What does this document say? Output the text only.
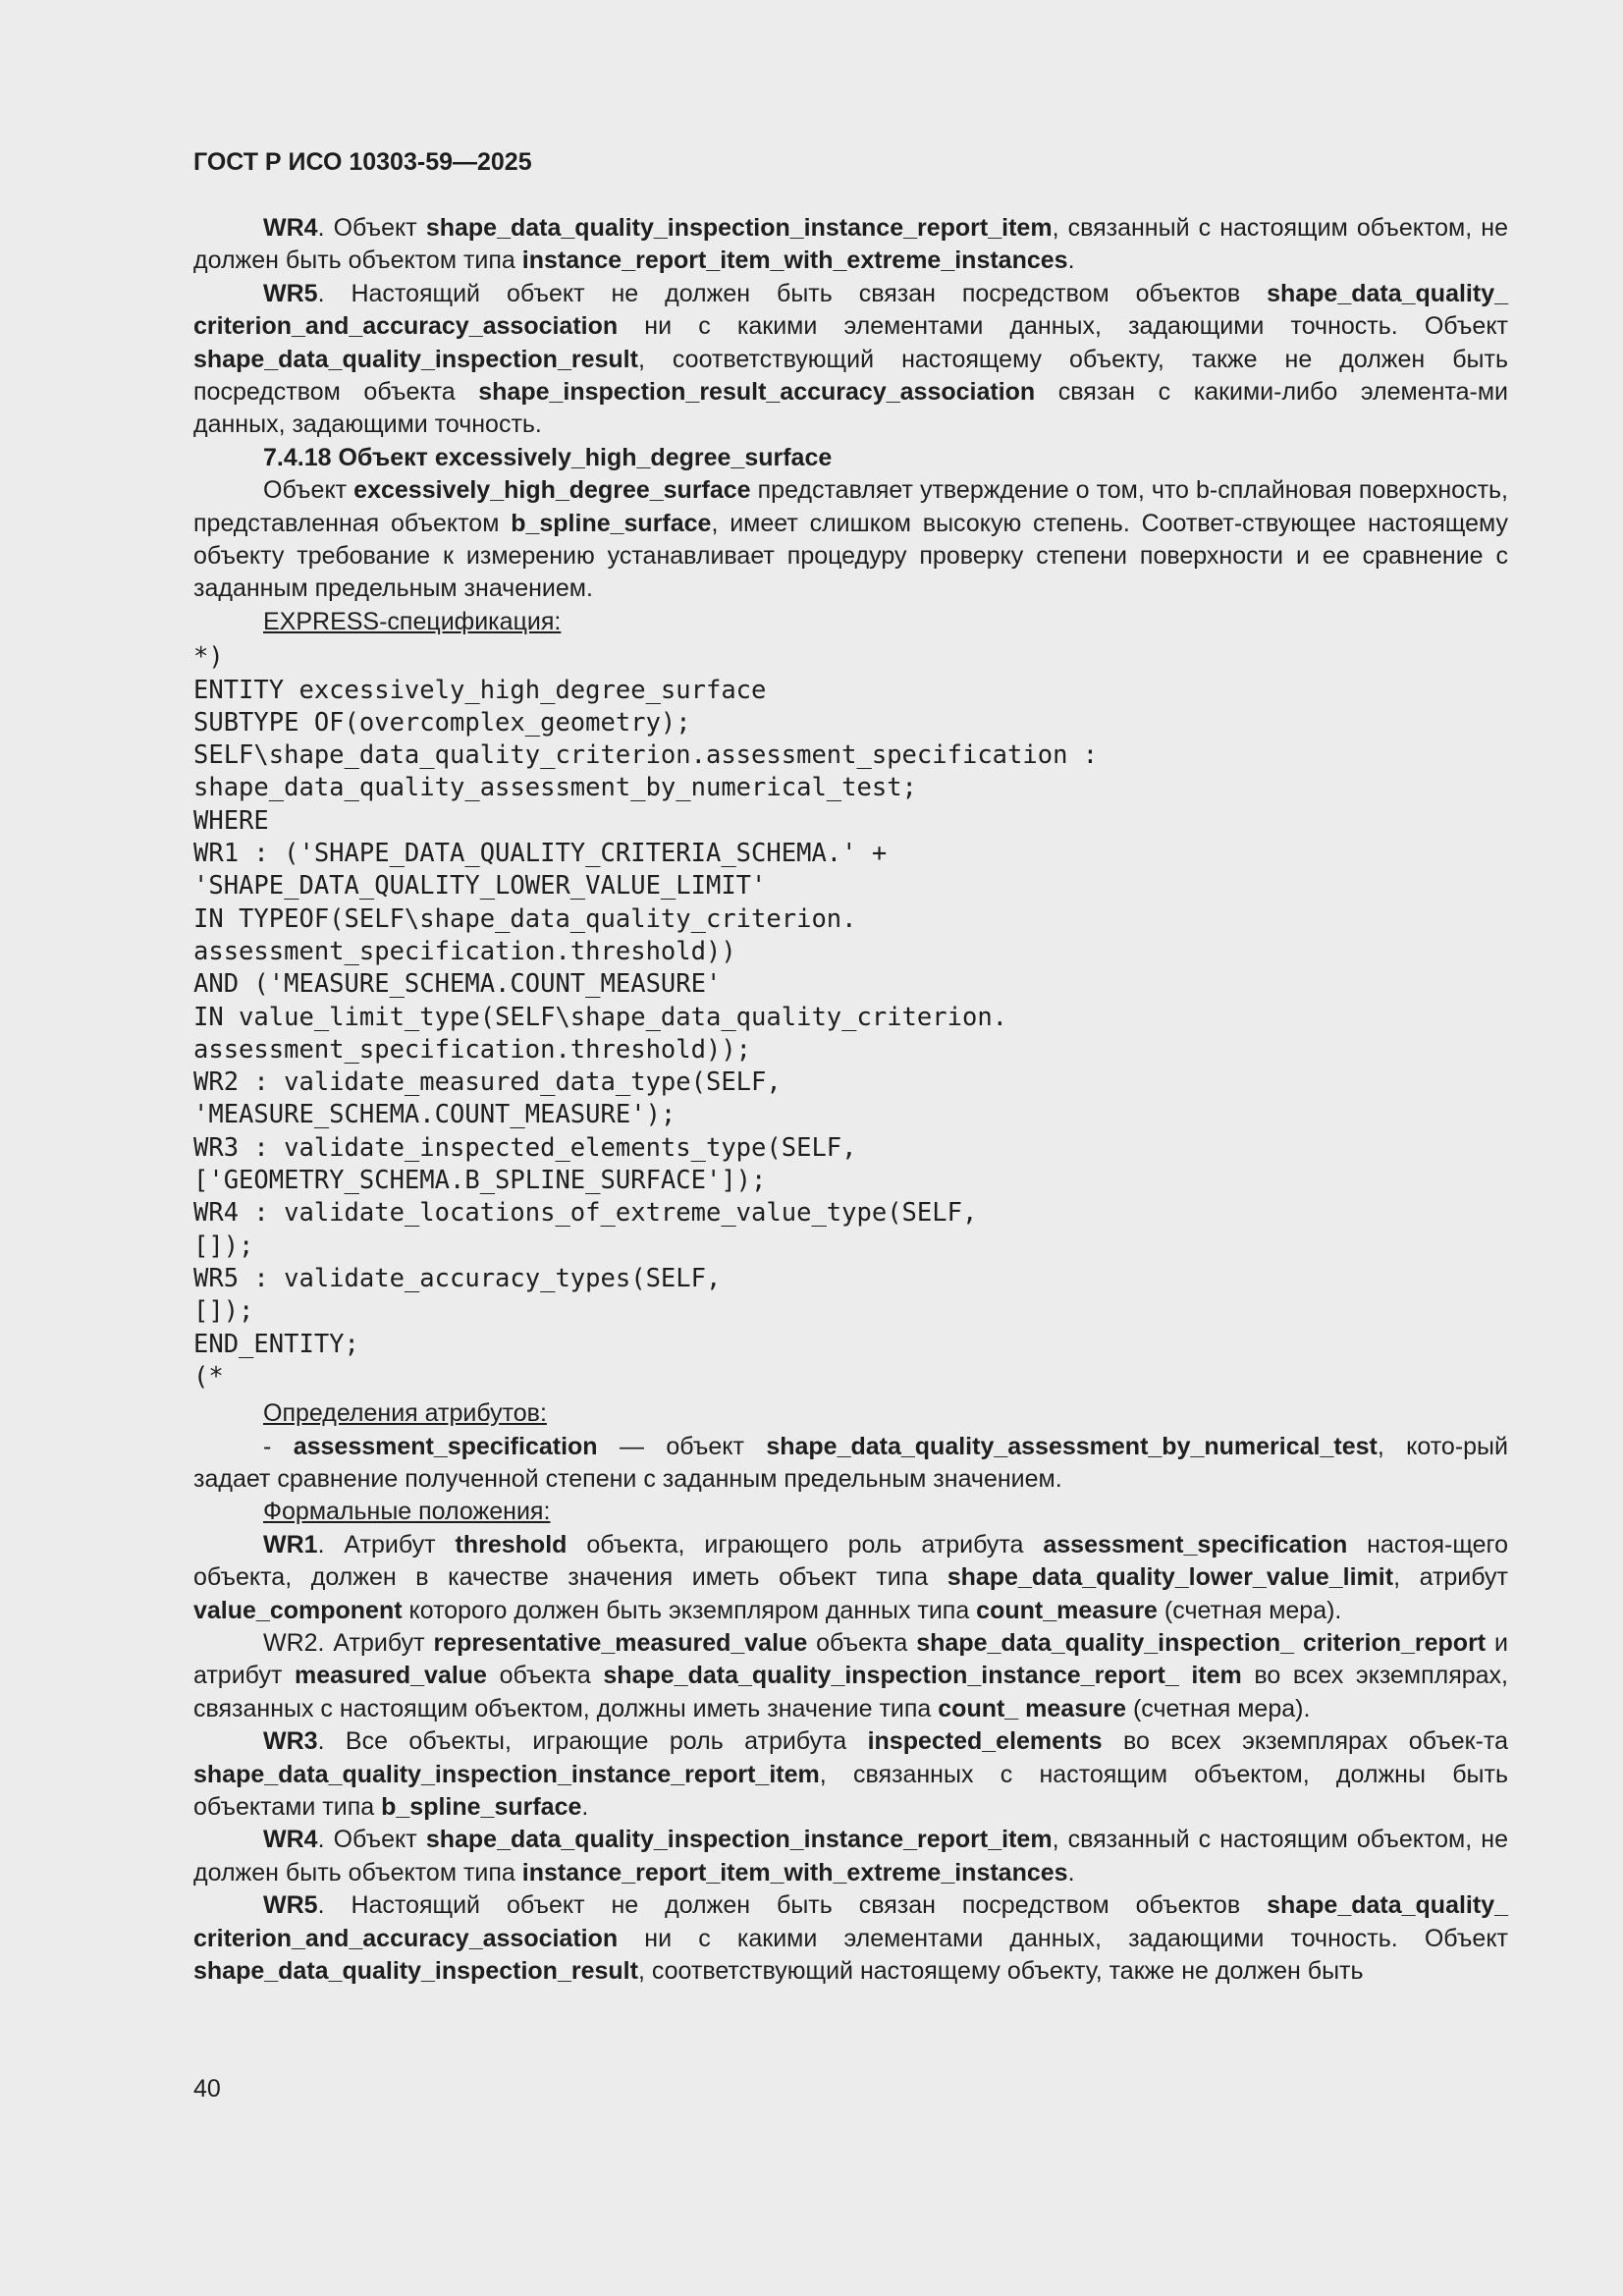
ГОСТ Р ИСО 10303-59—2025

WR4. Объект shape_data_quality_inspection_instance_report_item, связанный с настоящим объектом, не должен быть объектом типа instance_report_item_with_extreme_instances.

WR5. Настоящий объект не должен быть связан посредством объектов shape_data_quality_ criterion_and_accuracy_association ни с какими элементами данных, задающими точность. Объект shape_data_quality_inspection_result, соответствующий настоящему объекту, также не должен быть посредством объекта shape_inspection_result_accuracy_association связан с какими-либо элемента-ми данных, задающими точность.

7.4.18 Объект excessively_high_degree_surface

Объект excessively_high_degree_surface представляет утверждение о том, что b-сплайновая поверхность, представленная объектом b_spline_surface, имеет слишком высокую степень. Соответ-ствующее настоящему объекту требование к измерению устанавливает процедуру проверку степени поверхности и ее сравнение с заданным предельным значением.

EXPRESS-спецификация:

*)
ENTITY excessively_high_degree_surface
SUBTYPE OF(overcomplex_geometry);
SELF\shape_data_quality_criterion.assessment_specification :
shape_data_quality_assessment_by_numerical_test;
WHERE
WR1 : ('SHAPE_DATA_QUALITY_CRITERIA_SCHEMA.' +
'SHAPE_DATA_QUALITY_LOWER_VALUE_LIMIT'
IN TYPEOF(SELF\shape_data_quality_criterion.
assessment_specification.threshold))
AND ('MEASURE_SCHEMA.COUNT_MEASURE'
IN value_limit_type(SELF\shape_data_quality_criterion.
assessment_specification.threshold));
WR2 : validate_measured_data_type(SELF,
'MEASURE_SCHEMA.COUNT_MEASURE');
WR3 : validate_inspected_elements_type(SELF,
['GEOMETRY_SCHEMA.B_SPLINE_SURFACE']);
WR4 : validate_locations_of_extreme_value_type(SELF,
[]);
WR5 : validate_accuracy_types(SELF,
[]);
END_ENTITY;
(*

Определения атрибутов:

- assessment_specification — объект shape_data_quality_assessment_by_numerical_test, кото-рый задает сравнение полученной степени с заданным предельным значением.

Формальные положения:

WR1. Атрибут threshold объекта, играющего роль атрибута assessment_specification настоя-щего объекта, должен в качестве значения иметь объект типа shape_data_quality_lower_value_limit, атрибут value_component которого должен быть экземпляром данных типа count_measure (счетная мера).

WR2. Атрибут representative_measured_value объекта shape_data_quality_inspection_ criterion_report и атрибут measured_value объекта shape_data_quality_inspection_instance_report_ item во всех экземплярах, связанных с настоящим объектом, должны иметь значение типа count_ measure (счетная мера).

WR3. Все объекты, играющие роль атрибута inspected_elements во всех экземплярах объек-та shape_data_quality_inspection_instance_report_item, связанных с настоящим объектом, должны быть объектами типа b_spline_surface.

WR4. Объект shape_data_quality_inspection_instance_report_item, связанный с настоящим объектом, не должен быть объектом типа instance_report_item_with_extreme_instances.

WR5. Настоящий объект не должен быть связан посредством объектов shape_data_quality_ criterion_and_accuracy_association ни с какими элементами данных, задающими точность. Объект shape_data_quality_inspection_result, соответствующий настоящему объекту, также не должен быть

40
